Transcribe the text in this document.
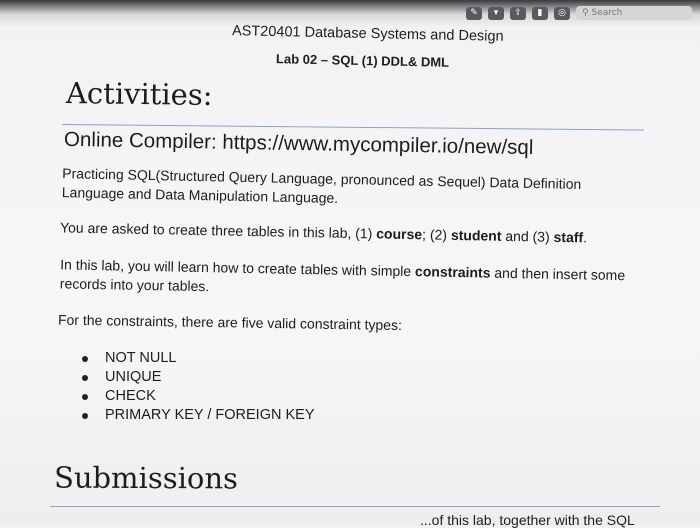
✎	▾	⇧	▮	◎	⚲ Search
AST20401 Database Systems and Design
Lab 02 – SQL (1) DDL& DML
Activities:
Online Compiler: https://www.mycompiler.io/new/sql
Practicing SQL(Structured Query Language, pronounced as Sequel) Data Definition Language and Data Manipulation Language.
You are asked to create three tables in this lab, (1) course; (2) student and (3) staff.
In this lab, you will learn how to create tables with simple constraints and then insert some records into your tables.
For the constraints, there are five valid constraint types:
NOT NULL
UNIQUE
CHECK
PRIMARY KEY / FOREIGN KEY
Submissions
...of this lab, together with the SQL
